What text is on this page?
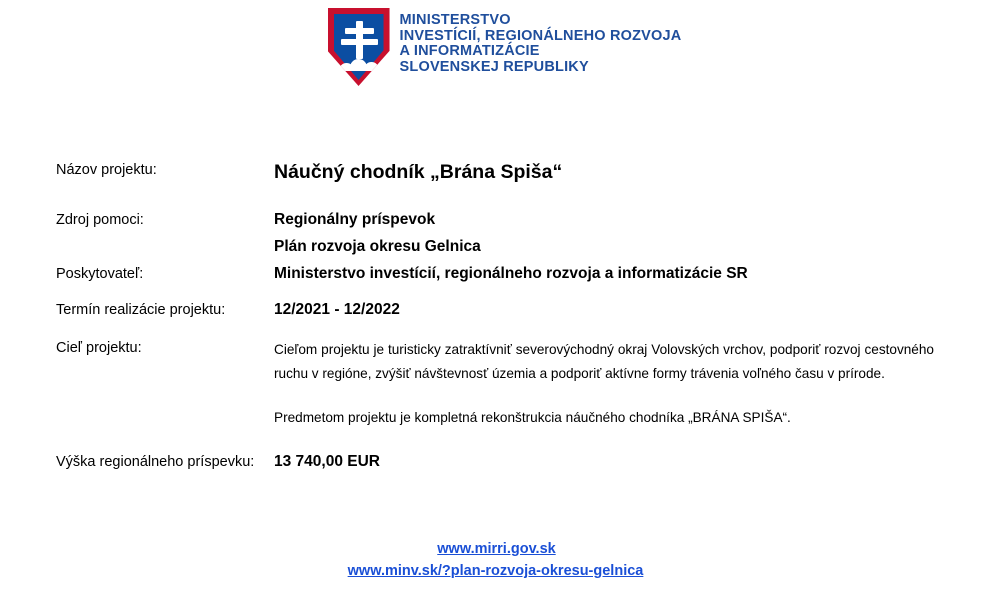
MINISTERSTVO
INVESTÍCIÍ, REGIONÁLNEHO ROZVOJA
A INFORMATIZÁCIE
SLOVENSKEJ REPUBLIKY
Názov projektu:	Náučný chodník „Brána Spiša“
Zdroj pomoci:	Regionálny príspevok
Plán rozvoja okresu Gelnica
Poskytovateľ:	Ministerstvo investícií, regionálneho rozvoja a informatizácie SR
Termín realizácie projektu:	12/2021 - 12/2022
Cieľ projektu:	Cieľom projektu je turisticky zatraktívniť severovýchodný okraj Volovských vrchov, podporiť rozvoj cestovného ruchu v regióne, zvýšiť návštevnosť územia a podporiť aktívne formy trávenia voľného času v prírode.
Predmetom projektu je kompletná rekonštrukcia náučného chodníka „BRÁNA SPIŠA“.
Výška regionálneho príspevku:	13 740,00 EUR
www.mirri.gov.sk
www.minv.sk/?plan-rozvoja-okresu-gelnica
